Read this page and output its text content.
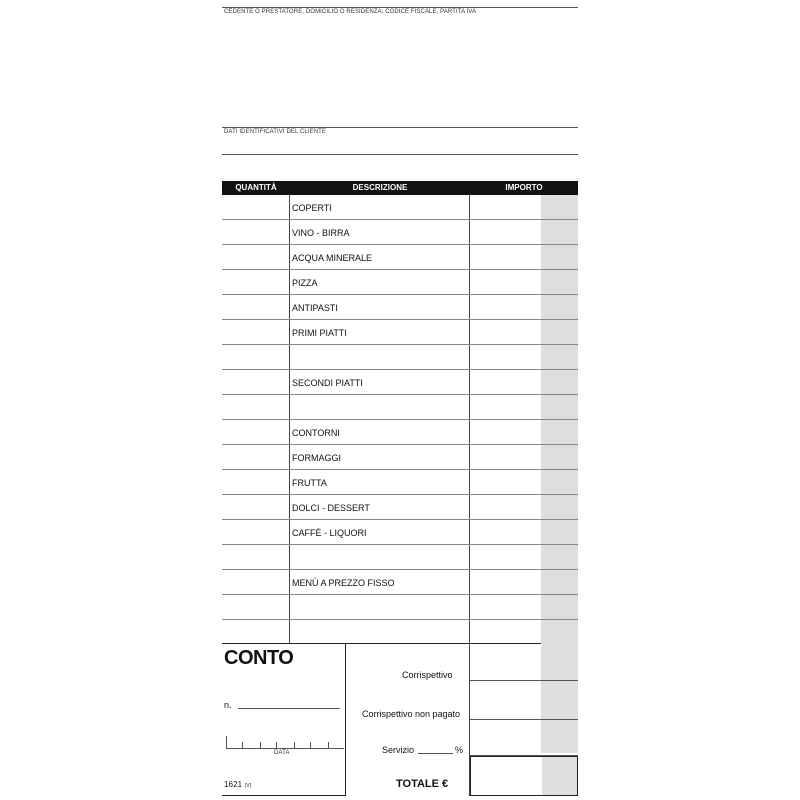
CEDENTE O PRESTATORE, DOMICILIO O RESIDENZA, CODICE FISCALE, PARTITA IVA
DATI IDENTIFICATIVI DEL CLIENTE
QUANTITÀ	DESCRIZIONE	IMPORTO
COPERTI
VINO - BIRRA
ACQUA MINERALE
PIZZA
ANTIPASTI
PRIMI PIATTI
SECONDI PIATTI
CONTORNI
FORMAGGI
FRUTTA
DOLCI - DESSERT
CAFFÈ - LIQUORI
MENÙ A PREZZO FISSO
CONTO
n.
DATA
1621 (V)
Corrispettivo
Corrispettivo non pagato
Servizio	%
TOTALE €
